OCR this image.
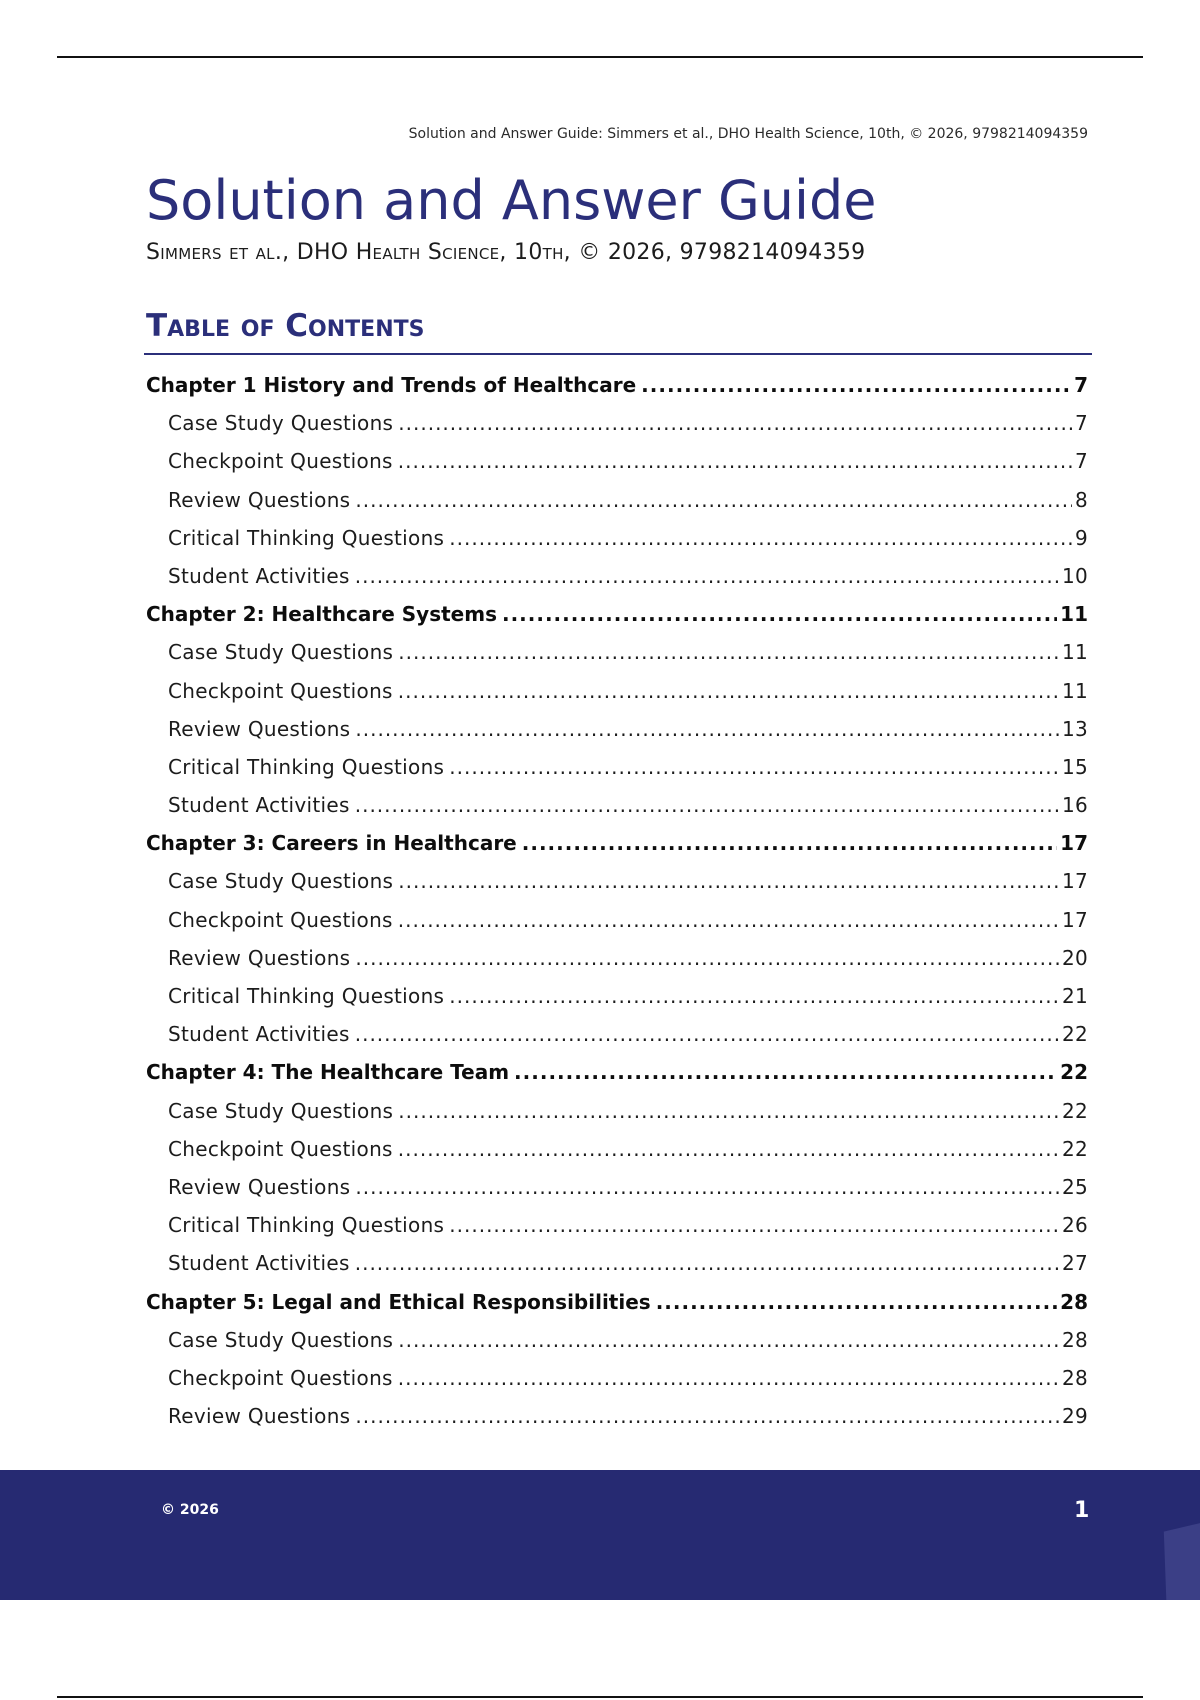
Solution and Answer Guide: Simmers et al., DHO Health Science, 10th, © 2026, 9798214094359
Solution and Answer Guide
Simmers et al., DHO Health Science, 10th, © 2026, 9798214094359
Table of Contents
Chapter 1 History and Trends of Healthcare .....	7
Case Study Questions .....	7
Checkpoint Questions .....	7
Review Questions .....	8
Critical Thinking Questions .....	9
Student Activities .....	10
Chapter 2: Healthcare Systems .....	11
Case Study Questions .....	11
Checkpoint Questions .....	11
Review Questions .....	13
Critical Thinking Questions .....	15
Student Activities .....	16
Chapter 3: Careers in Healthcare .....	17
Case Study Questions .....	17
Checkpoint Questions .....	17
Review Questions .....	20
Critical Thinking Questions .....	21
Student Activities .....	22
Chapter 4: The Healthcare Team .....	22
Case Study Questions .....	22
Checkpoint Questions .....	22
Review Questions .....	25
Critical Thinking Questions .....	26
Student Activities .....	27
Chapter 5: Legal and Ethical Responsibilities .....	28
Case Study Questions .....	28
Checkpoint Questions .....	28
Review Questions .....	29
© 2026	1
